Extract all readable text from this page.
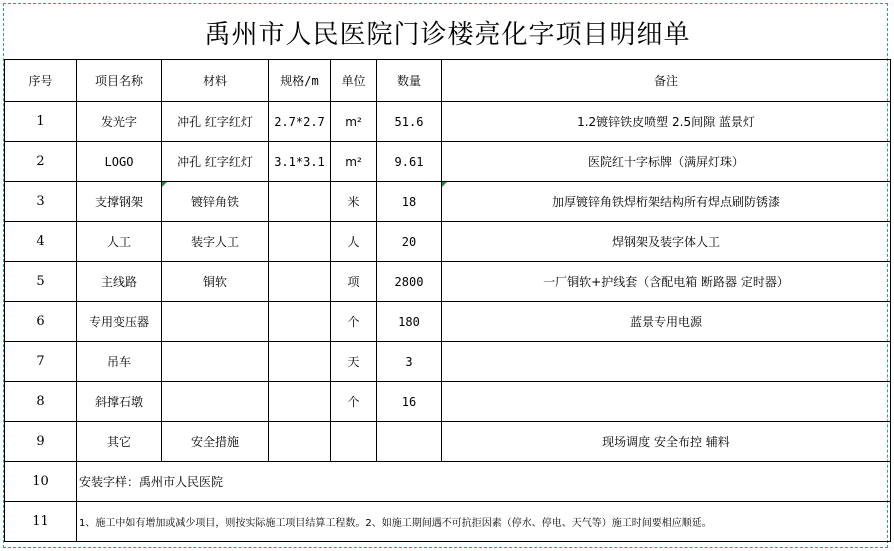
禹州市人民医院门诊楼亮化字项目明细单						
序号	项目名称	材料	规格/m	单位	数量	备注
1	发光字	冲孔 红字红灯	2.7*2.7	m²	51.6	1.2镀锌铁皮喷塑 2.5间隙 蓝景灯
2	LOGO	冲孔 红字红灯	3.1*3.1	m²	9.61	医院红十字标牌（满屏灯珠）
3	支撑钢架	镀锌角铁		米	18	加厚镀锌角铁焊桁架结构所有焊点刷防锈漆
4	人工	装字人工		人	20	焊钢架及装字体人工
5	主线路	铜软		项	2800	一厂铜软+护线套（含配电箱 断路器 定时器）
6	专用变压器			个	180	蓝景专用电源
7	吊车			天	3	
8	斜撑石墩			个	16	
9	其它	安全措施				现场调度 安全布控 辅料
10	安装字样：禹州市人民医院					
11	1、施工中如有增加或减少项目，则按实际施工项目结算工程数。2、如施工期间遇不可抗拒因素（停水、停电、天气等）施工时间要相应顺延。					
